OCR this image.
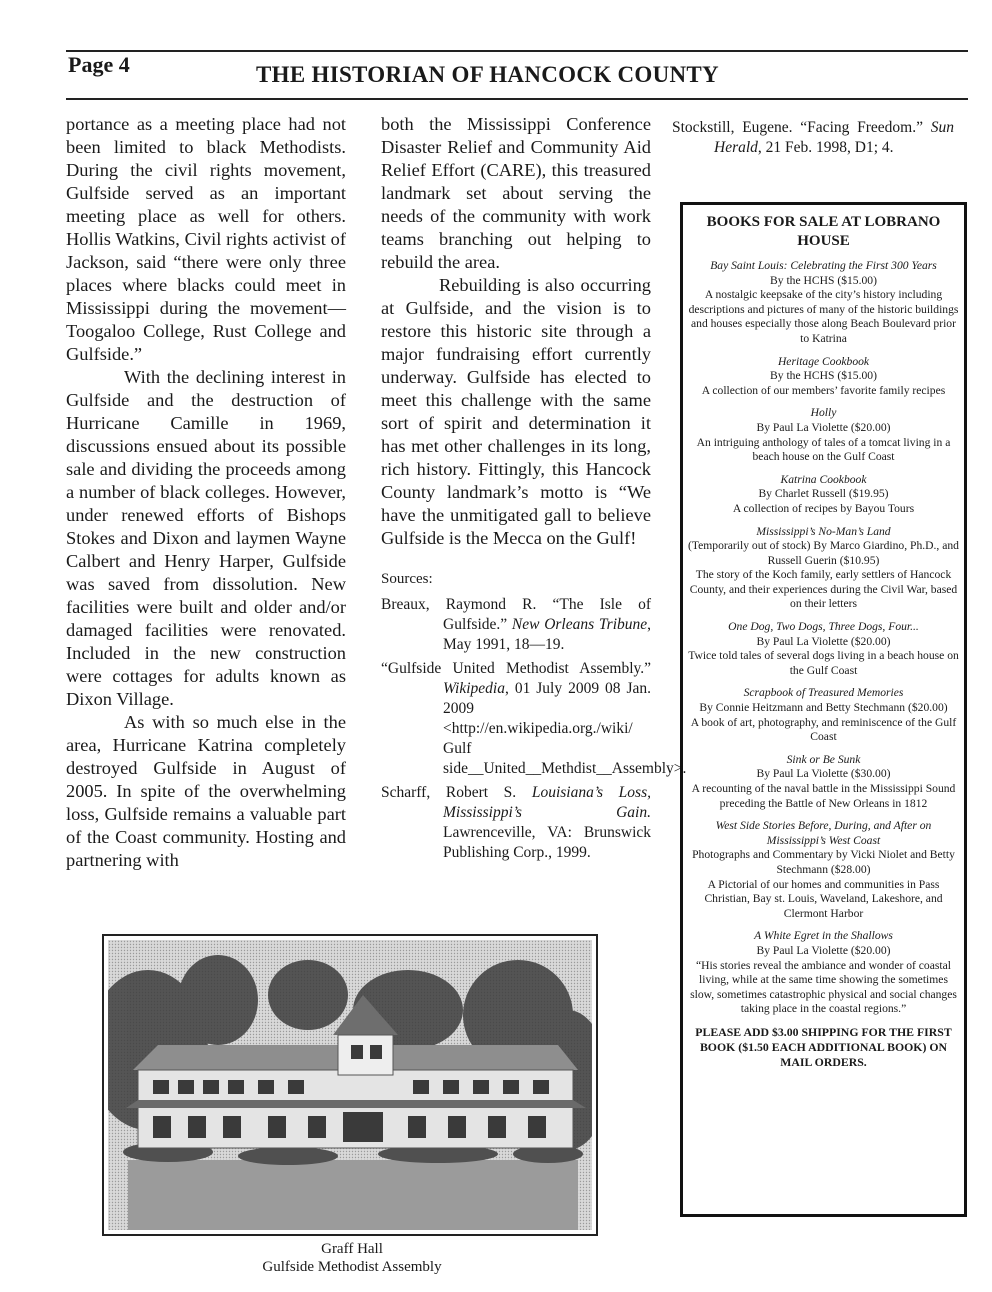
Page 4	THE HISTORIAN OF HANCOCK COUNTY

portance as a meeting place had not been limited to black Methodists. During the civil rights movement, Gulfside served as an important meeting place as well for others. Hollis Watkins, Civil rights activist of Jackson, said “there were only three places where blacks could meet in Mississippi during the movement—Toogaloo College, Rust College and Gulfside.”

With the declining interest in Gulfside and the destruction of Hurricane Camille in 1969, discussions ensued about its possible sale and dividing the proceeds among a number of black colleges. However, under renewed efforts of Bishops Stokes and Dixon and laymen Wayne Calbert and Henry Harper, Gulfside was saved from dissolution. New facilities were built and older and/or damaged facilities were renovated. Included in the new construction were cottages for adults known as Dixon Village.

As with so much else in the area, Hurricane Katrina completely destroyed Gulfside in August of 2005. In spite of the overwhelming loss, Gulfside remains a valuable part of the Coast community. Hosting and partnering with

both the Mississippi Conference Disaster Relief and Community Aid Relief Effort (CARE), this treasured landmark set about serving the needs of the community with work teams branching out helping to rebuild the area.

Rebuilding is also occurring at Gulfside, and the vision is to restore this historic site through a major fundraising effort currently underway. Gulfside has elected to meet this challenge with the same sort of spirit and determination it has met other challenges in its long, rich history. Fittingly, this Hancock County landmark’s motto is “We have the unmitigated gall to believe Gulfside is the Mecca on the Gulf!

Sources:

Breaux, Raymond R. “The Isle of Gulfside.” New Orleans Tribune, May 1991, 18—19.

“Gulfside United Methodist Assembly.” Wikipedia, 01 July 2009 08 Jan. 2009 <http://en.wikipedia.org./wiki/ Gulf side__United__Methdist__Assembly>.

Scharff, Robert S. Louisiana’s Loss, Mississippi’s Gain. Lawrenceville, VA: Brunswick Publishing Corp., 1999.

Stockstill, Eugene. “Facing Freedom.” Sun Herald, 21 Feb. 1998, D1; 4.

BOOKS FOR SALE AT LOBRANO HOUSE
Bay Saint Louis: Celebrating the First 300 Years
By the HCHS ($15.00)
A nostalgic keepsake of the city’s history including descriptions and pictures of many of the historic buildings and houses especially those along Beach Boulevard prior to Katrina
Heritage Cookbook
By the HCHS ($15.00)
A collection of our members’ favorite family recipes
Holly
By Paul La Violette ($20.00)
An intriguing anthology of tales of a tomcat living in a beach house on the Gulf Coast
Katrina Cookbook
By Charlet Russell ($19.95)
A collection of recipes by Bayou Tours
Mississippi’s No-Man’s Land
(Temporarily out of stock) By Marco Giardino, Ph.D., and Russell Guerin ($10.95)
The story of the Koch family, early settlers of Hancock County, and their experiences during the Civil War, based on their letters
One Dog, Two Dogs, Three Dogs, Four...
By Paul La Violette ($20.00)
Twice told tales of several dogs living in a beach house on the Gulf Coast
Scrapbook of Treasured Memories
By Connie Heitzmann and Betty Stechmann ($20.00)
A book of art, photography, and reminiscence of the Gulf Coast
Sink or Be Sunk
By Paul La Violette ($30.00)
A recounting of the naval battle in the Mississippi Sound preceding the Battle of New Orleans in 1812
West Side Stories Before, During, and After on Mississippi’s West Coast
Photographs and Commentary by Vicki Niolet and Betty Stechmann ($28.00)
A Pictorial of our homes and communities in Pass Christian, Bay st. Louis, Waveland, Lakeshore, and Clermont Harbor
A White Egret in the Shallows
By Paul La Violette ($20.00)
“His stories reveal the ambiance and wonder of coastal living, while at the same time showing the sometimes slow, sometimes catastrophic physical and social changes taking place in the coastal regions.”
PLEASE ADD $3.00 SHIPPING FOR THE FIRST BOOK ($1.50 EACH ADDITIONAL BOOK) ON MAIL ORDERS.
Graff Hall
Gulfside Methodist Assembly
